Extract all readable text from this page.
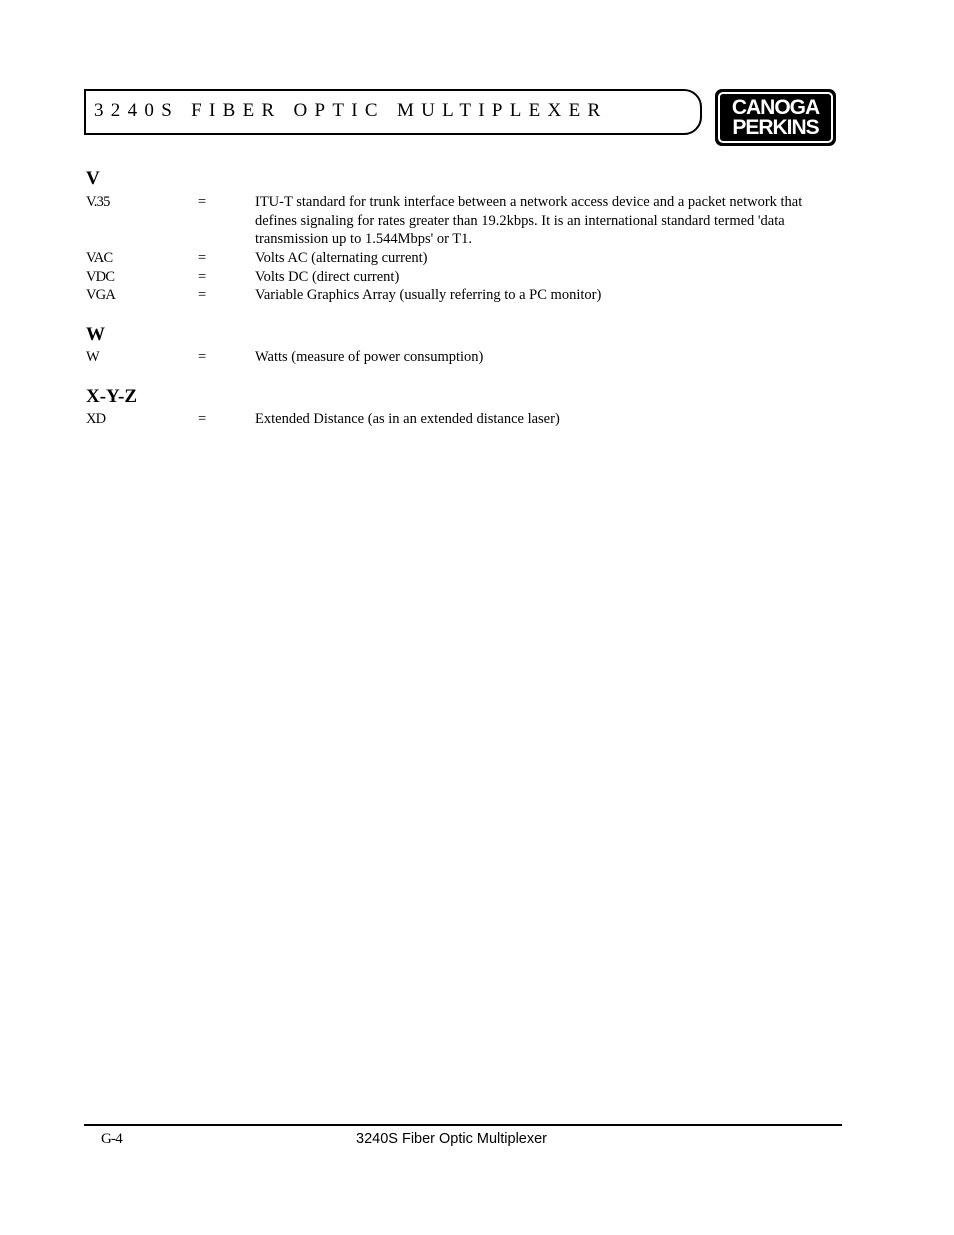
3240S FIBER OPTIC MULTIPLEXER	CANOGA
PERKINS
V
V.35	=	ITU-T standard for trunk interface between a network access device and a packet network that defines signaling for rates greater than 19.2kbps. It is an international standard termed 'data transmission up to 1.544Mbps' or T1.
VAC	=	Volts AC (alternating current)
VDC	=	Volts DC (direct current)
VGA	=	Variable Graphics Array (usually referring to a PC monitor)
W
W	=	Watts (measure of power consumption)
X-Y-Z
XD	=	Extended Distance (as in an extended distance laser)
G-4	3240S Fiber Optic Multiplexer
